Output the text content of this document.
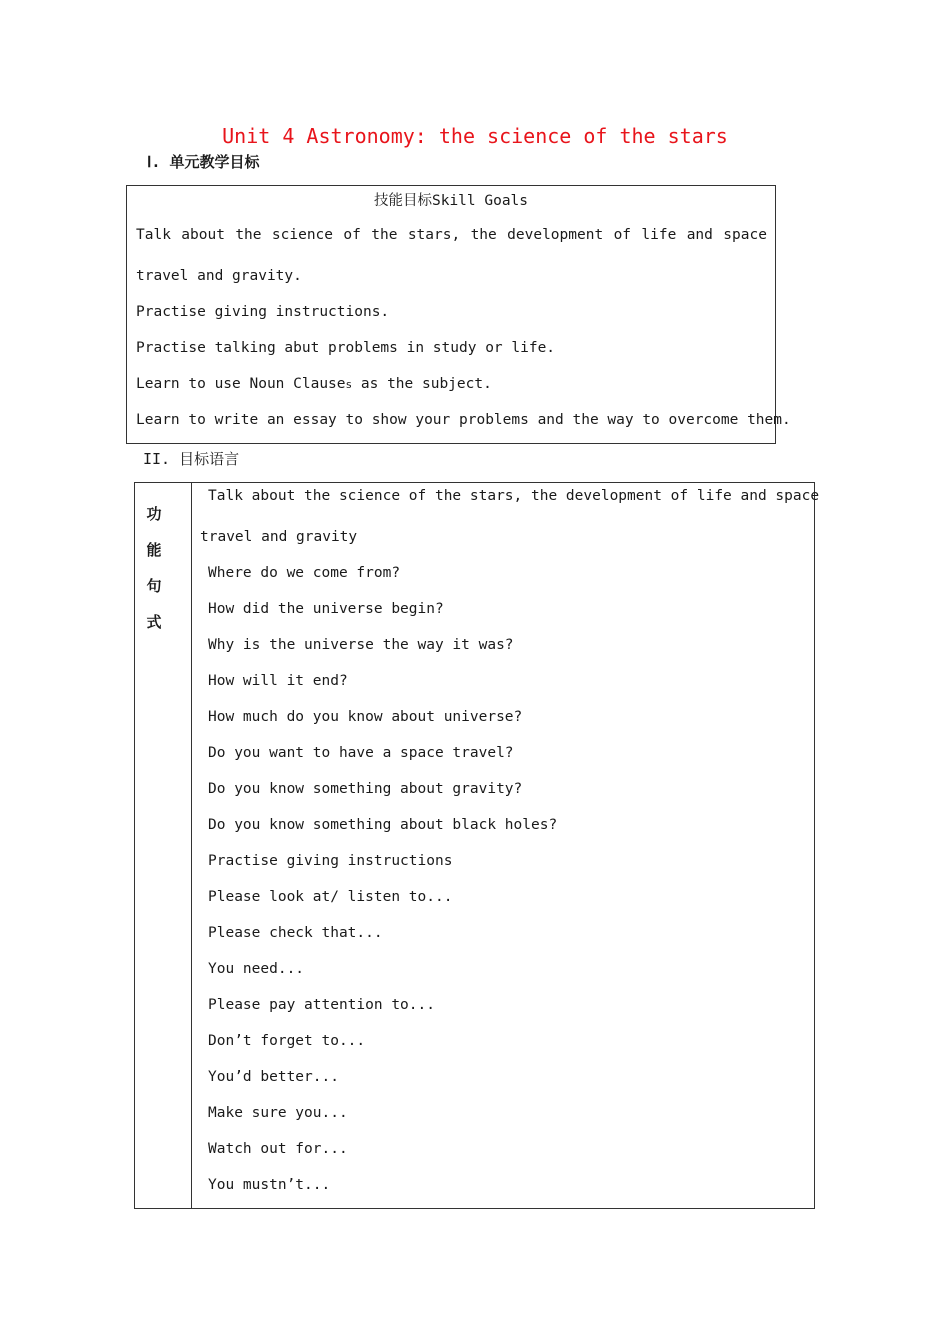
Unit 4 Astronomy: the science of the stars
Ⅰ. 单元教学目标
技能目标Skill Goals
Talk about the science of the stars, the development of life and space
travel and gravity.
Practise giving instructions.
Practise talking abut problems in study or life.
Learn to use Noun Clauses as the subject.
Learn to write an essay to show your problems and the way to overcome them.
II. 目标语言
功
能
句
式
Talk about the science of the stars, the development of life and space
travel and gravity
Where do we come from?
How did the universe begin?
Why is the universe the way it was?
How will it end?
How much do you know about universe?
Do you want to have a space travel?
Do you know something about gravity?
Do you know something about black holes?
Practise giving instructions
Please look at/ listen to...
Please check that...
You need...
Please pay attention to...
Don’t forget to...
You’d better...
Make sure you...
Watch out for...
You mustn’t...
